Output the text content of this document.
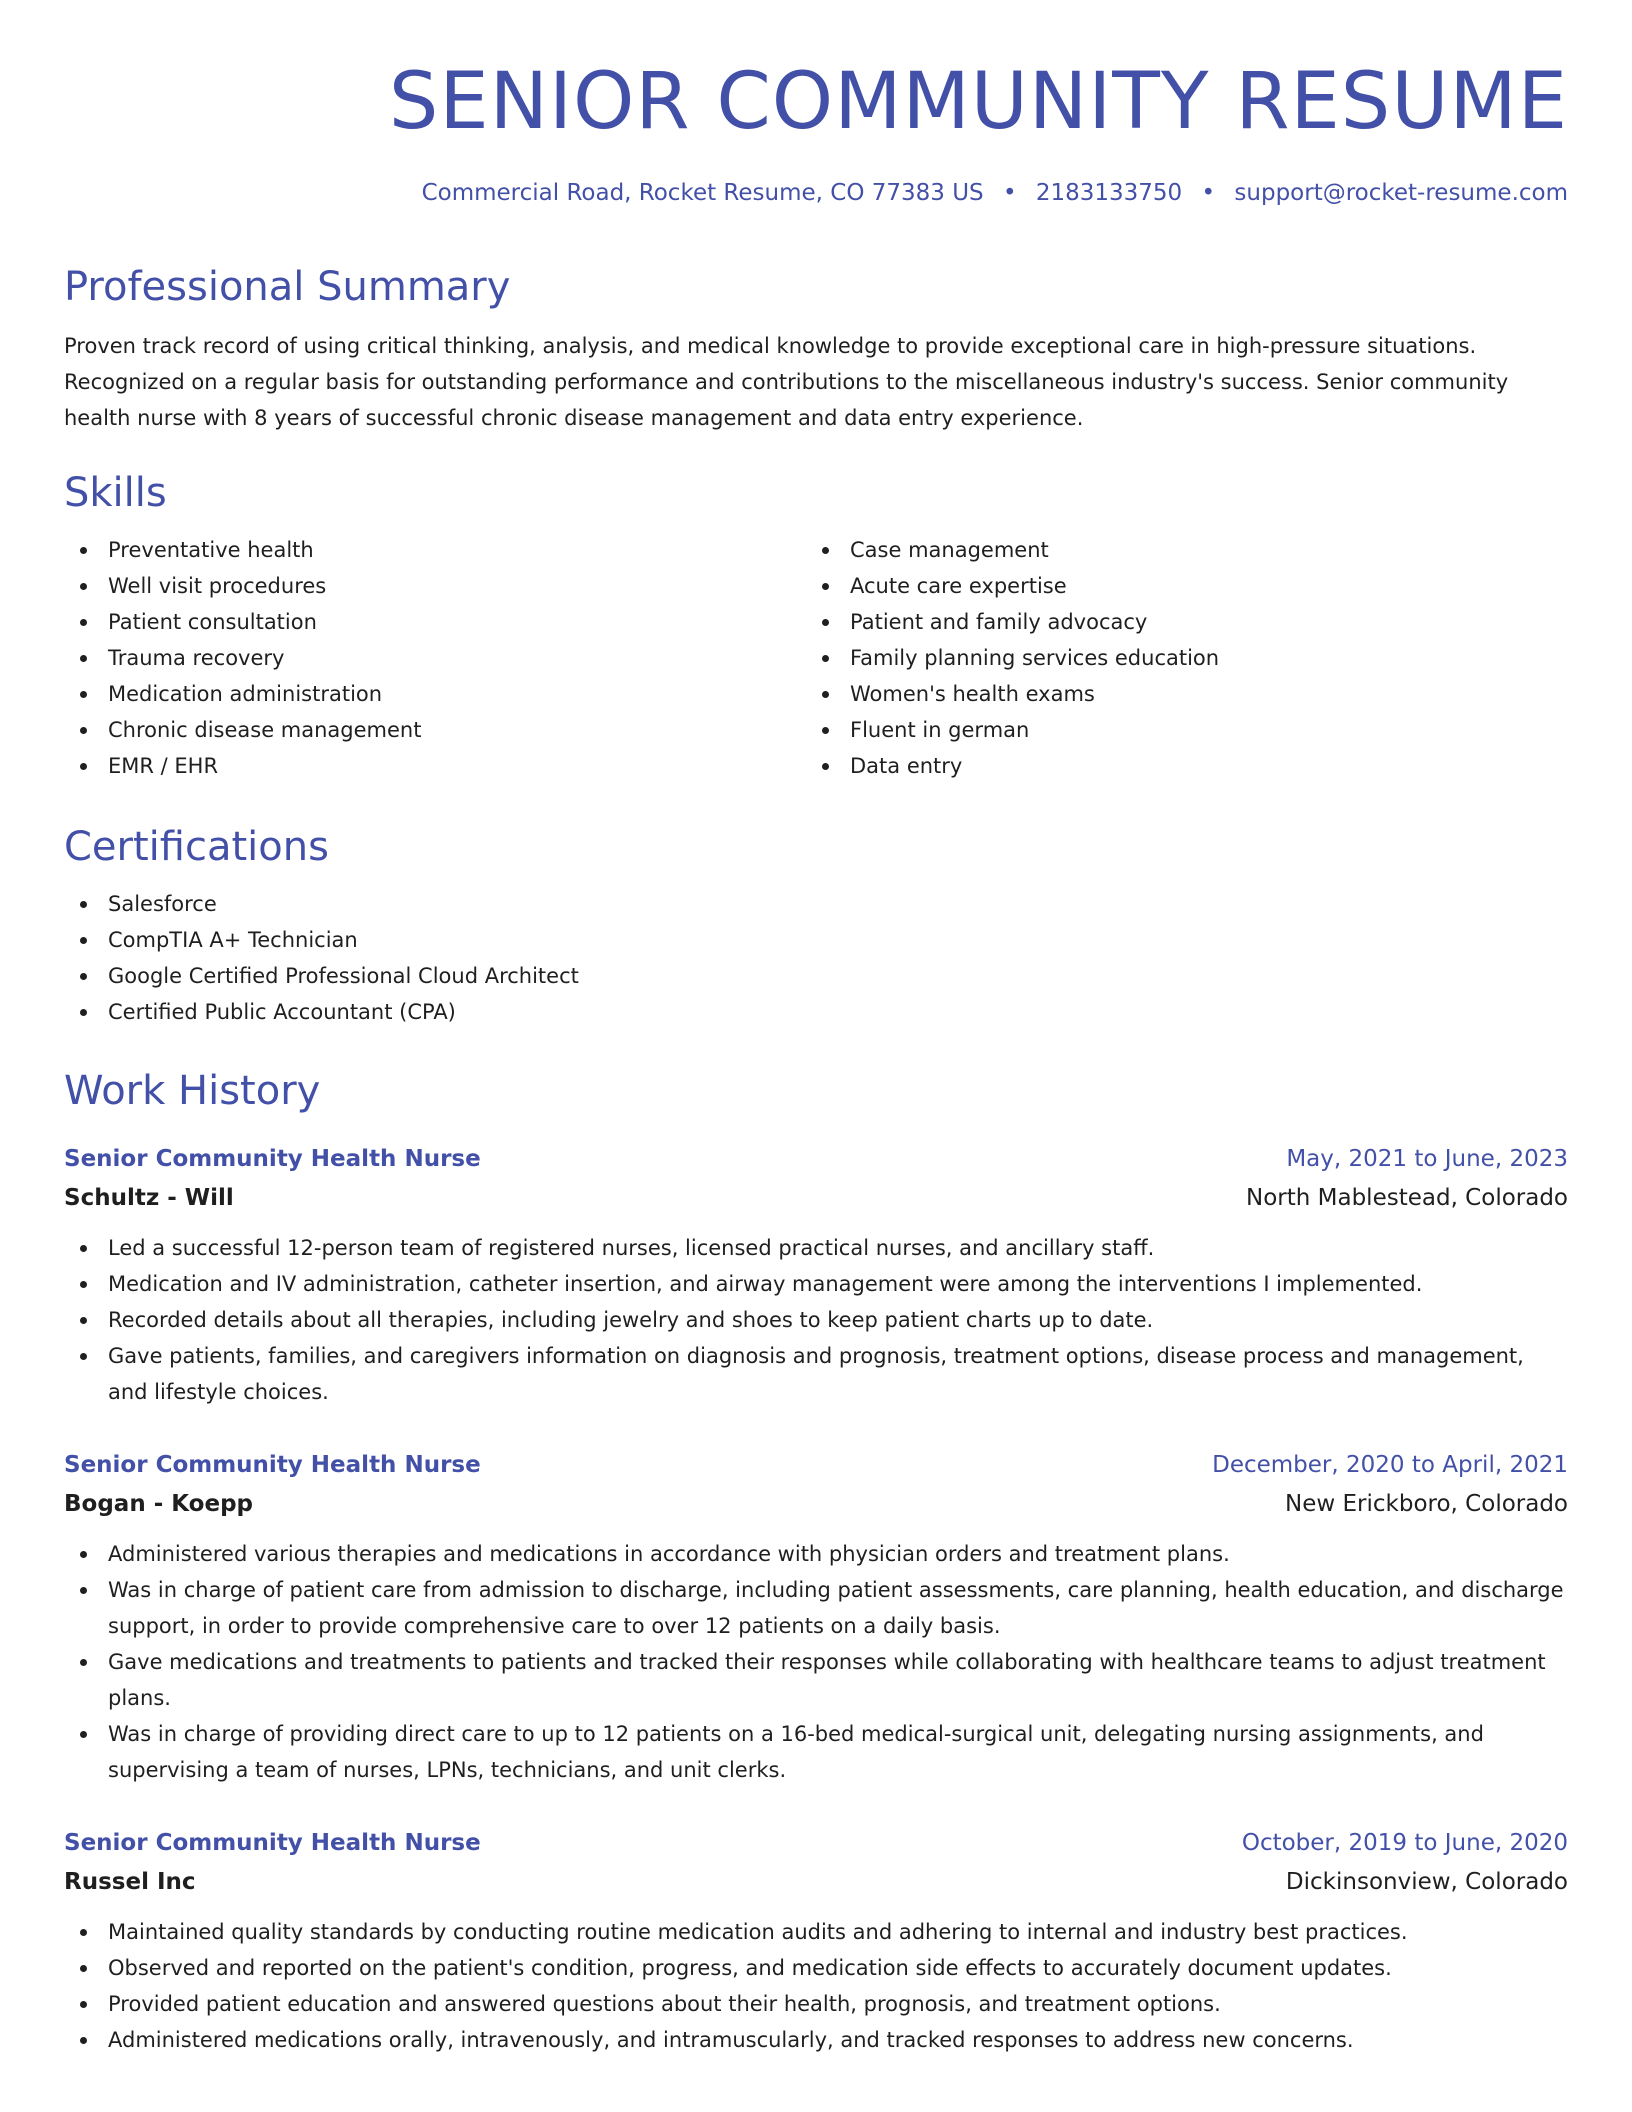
SENIOR COMMUNITY RESUME
Commercial Road, Rocket Resume, CO 77383 US • 2183133750 • support@rocket-resume.com
Professional Summary

Proven track record of using critical thinking, analysis, and medical knowledge to provide exceptional care in high-pressure situations. Recognized on a regular basis for outstanding performance and contributions to the miscellaneous industry's success. Senior community health nurse with 8 years of successful chronic disease management and data entry experience.

Skills
Preventative health
Well visit procedures
Patient consultation
Trauma recovery
Medication administration
Chronic disease management
EMR / EHR
Case management
Acute care expertise
Patient and family advocacy
Family planning services education
Women's health exams
Fluent in german
Data entry
Certifications
Salesforce
CompTIA A+ Technician
Google Certified Professional Cloud Architect
Certified Public Accountant (CPA)
Work History
Senior Community Health Nurse	May, 2021 to June, 2023
Schultz - Will	North Mablestead, Colorado
Led a successful 12-person team of registered nurses, licensed practical nurses, and ancillary staff.
Medication and IV administration, catheter insertion, and airway management were among the interventions I implemented.
Recorded details about all therapies, including jewelry and shoes to keep patient charts up to date.
Gave patients, families, and caregivers information on diagnosis and prognosis, treatment options, disease process and management, and lifestyle choices.
Senior Community Health Nurse	December, 2020 to April, 2021
Bogan - Koepp	New Erickboro, Colorado
Administered various therapies and medications in accordance with physician orders and treatment plans.
Was in charge of patient care from admission to discharge, including patient assessments, care planning, health education, and discharge support, in order to provide comprehensive care to over 12 patients on a daily basis.
Gave medications and treatments to patients and tracked their responses while collaborating with healthcare teams to adjust treatment plans.
Was in charge of providing direct care to up to 12 patients on a 16-bed medical-surgical unit, delegating nursing assignments, and supervising a team of nurses, LPNs, technicians, and unit clerks.
Senior Community Health Nurse	October, 2019 to June, 2020
Russel Inc	Dickinsonview, Colorado
Maintained quality standards by conducting routine medication audits and adhering to internal and industry best practices.
Observed and reported on the patient's condition, progress, and medication side effects to accurately document updates.
Provided patient education and answered questions about their health, prognosis, and treatment options.
Administered medications orally, intravenously, and intramuscularly, and tracked responses to address new concerns.
